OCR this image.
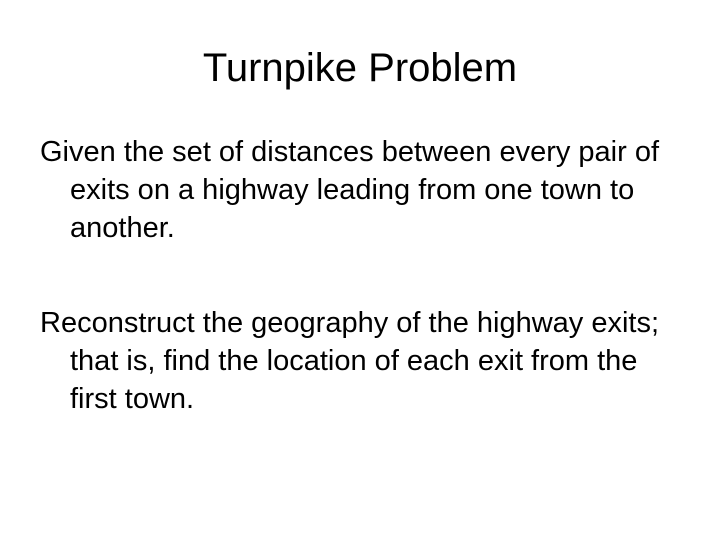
Turnpike Problem
Given the set of distances between every pair of exits on a highway leading from one town to another.
Reconstruct the geography of the highway exits; that is, find the location of each exit from the first town.
